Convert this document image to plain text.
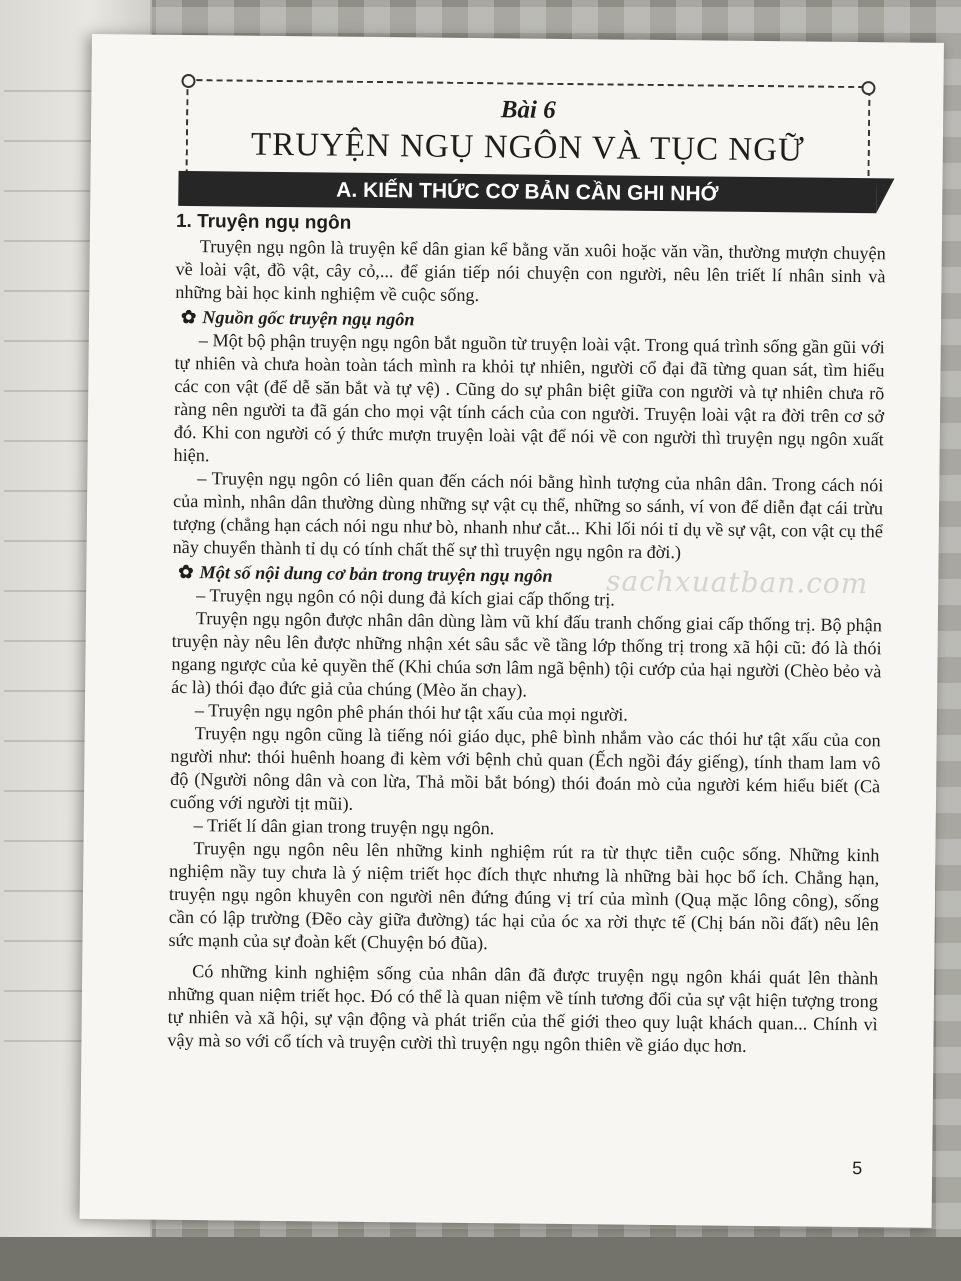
Bài 6
TRUYỆN NGỤ NGÔN VÀ TỤC NGỮ
A. KIẾN THỨC CƠ BẢN CẦN GHI NHỚ
sachxuatban.com
1. Truyện ngụ ngôn

Truyện ngụ ngôn là truyện kể dân gian kể bằng văn xuôi hoặc văn vần, thường mượn chuyện về loài vật, đồ vật, cây cỏ,... để gián tiếp nói chuyện con người, nêu lên triết lí nhân sinh và những bài học kinh nghiệm về cuộc sống.

✿ Nguồn gốc truyện ngụ ngôn

– Một bộ phận truyện ngụ ngôn bắt nguồn từ truyện loài vật. Trong quá trình sống gần gũi với tự nhiên và chưa hoàn toàn tách mình ra khỏi tự nhiên, người cổ đại đã từng quan sát, tìm hiểu các con vật (để dễ săn bắt và tự vệ) . Cũng do sự phân biệt giữa con người và tự nhiên chưa rõ ràng nên người ta đã gán cho mọi vật tính cách của con người. Truyện loài vật ra đời trên cơ sở đó. Khi con người có ý thức mượn truyện loài vật để nói về con người thì truyện ngụ ngôn xuất hiện.

– Truyện ngụ ngôn có liên quan đến cách nói bằng hình tượng của nhân dân. Trong cách nói của mình, nhân dân thường dùng những sự vật cụ thể, những so sánh, ví von để diễn đạt cái trừu tượng (chẳng hạn cách nói ngu như bò, nhanh như cắt... Khi lối nói tỉ dụ về sự vật, con vật cụ thể nầy chuyển thành tỉ dụ có tính chất thế sự thì truyện ngụ ngôn ra đời.)

✿ Một số nội dung cơ bản trong truyện ngụ ngôn

– Truyện ngụ ngôn có nội dung đả kích giai cấp thống trị.

Truyện ngụ ngôn được nhân dân dùng làm vũ khí đấu tranh chống giai cấp thống trị. Bộ phận truyện này nêu lên được những nhận xét sâu sắc về tầng lớp thống trị trong xã hội cũ: đó là thói ngang ngược của kẻ quyền thế (Khi chúa sơn lâm ngã bệnh) tội cướp của hại người (Chèo bẻo và ác là) thói đạo đức giả của chúng (Mèo ăn chay).

– Truyện ngụ ngôn phê phán thói hư tật xấu của mọi người.

Truyện ngụ ngôn cũng là tiếng nói giáo dục, phê bình nhắm vào các thói hư tật xấu của con người như: thói huênh hoang đi kèm với bệnh chủ quan (Ếch ngồi đáy giếng), tính tham lam vô độ (Người nông dân và con lừa, Thả mồi bắt bóng) thói đoán mò của người kém hiểu biết (Cà cuống với người tịt mũi).

– Triết lí dân gian trong truyện ngụ ngôn.

Truyện ngụ ngôn nêu lên những kinh nghiệm rút ra từ thực tiễn cuộc sống. Những kinh nghiệm nầy tuy chưa là ý niệm triết học đích thực nhưng là những bài học bổ ích. Chẳng hạn, truyện ngụ ngôn khuyên con người nên đứng đúng vị trí của mình (Quạ mặc lông công), sống cần có lập trường (Đẽo cày giữa đường) tác hại của óc xa rời thực tế (Chị bán nồi đất) nêu lên sức mạnh của sự đoàn kết (Chuyện bó đũa).

Có những kinh nghiệm sống của nhân dân đã được truyện ngụ ngôn khái quát lên thành những quan niệm triết học. Đó có thể là quan niệm về tính tương đối của sự vật hiện tượng trong tự nhiên và xã hội, sự vận động và phát triển của thế giới theo quy luật khách quan... Chính vì vậy mà so với cổ tích và truyện cười thì truyện ngụ ngôn thiên về giáo dục hơn.

5
